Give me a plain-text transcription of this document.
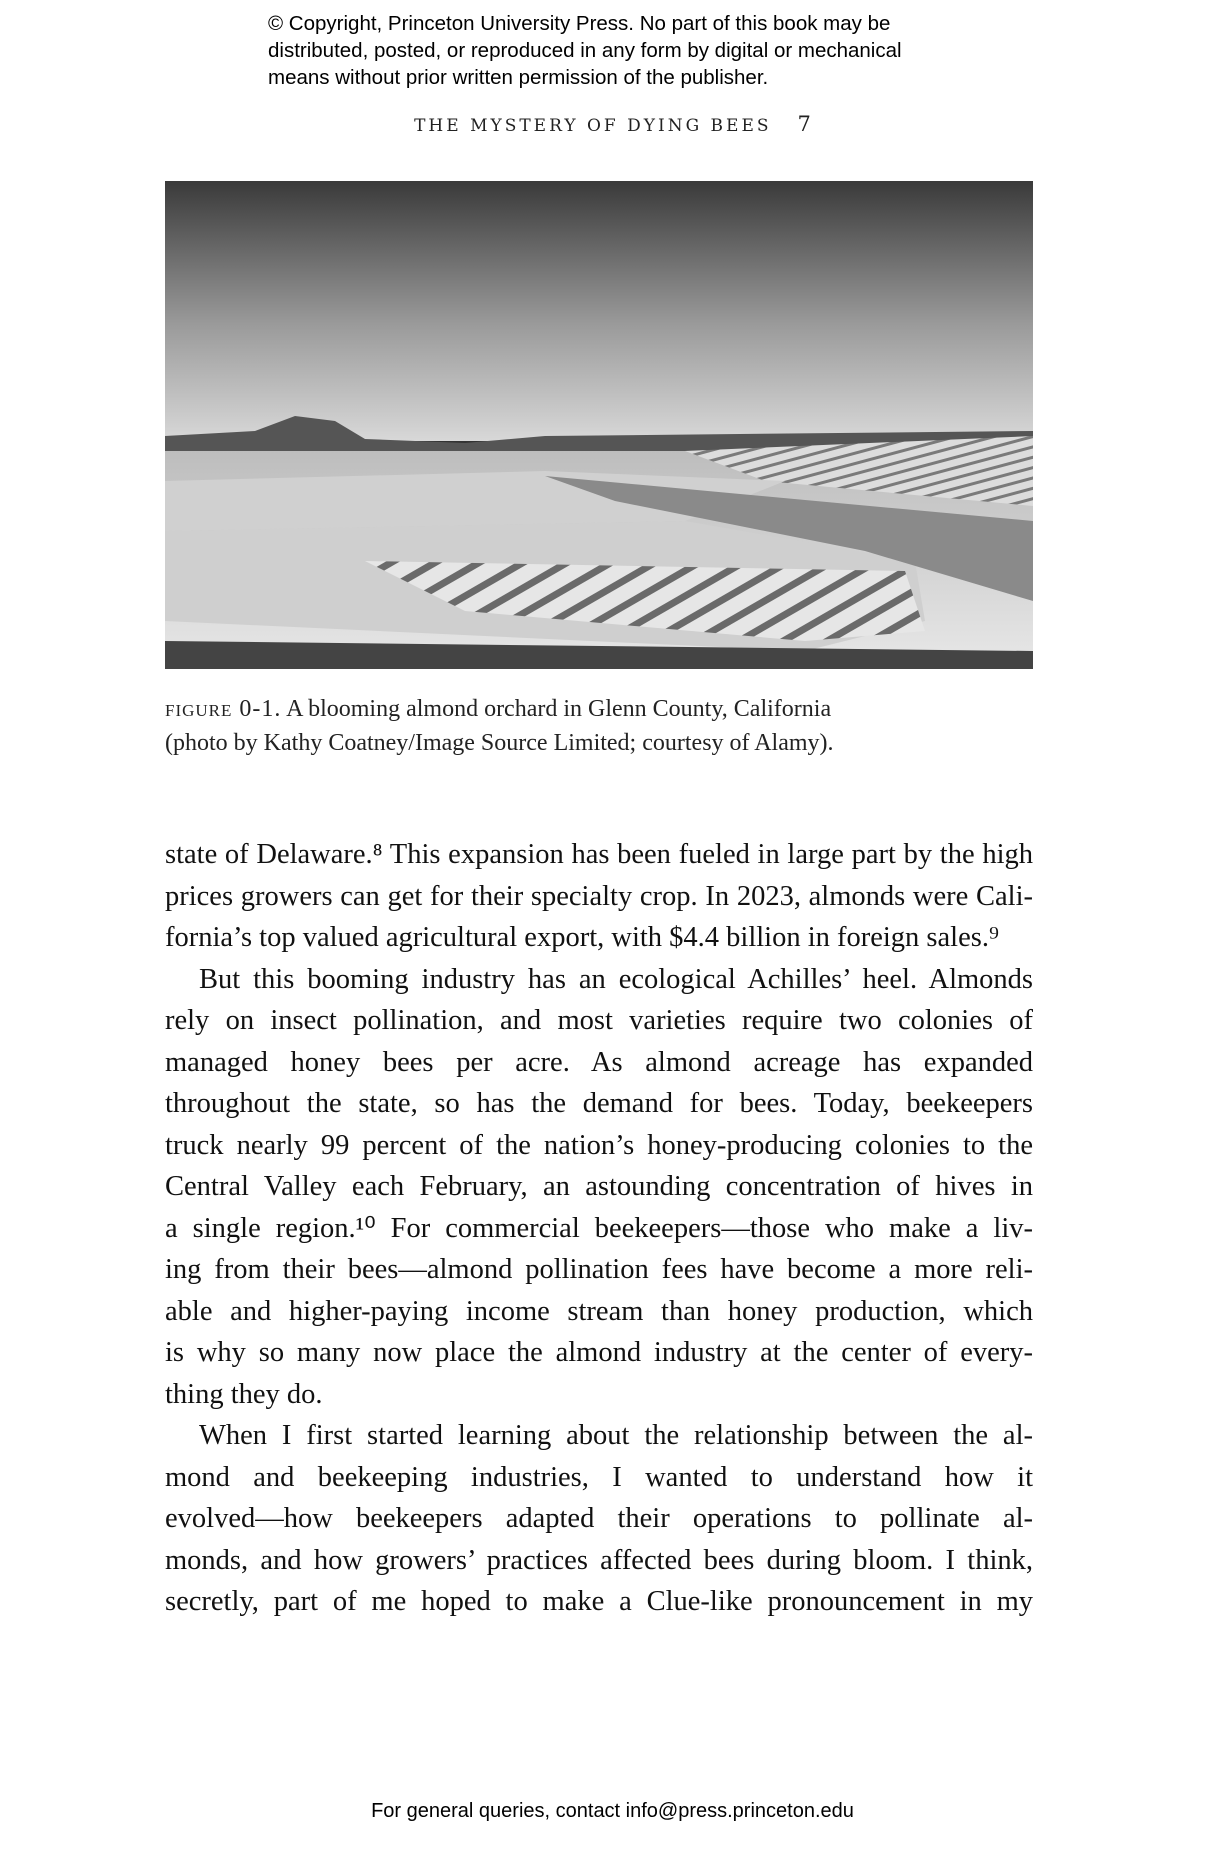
© Copyright, Princeton University Press. No part of this book may be
distributed, posted, or reproduced in any form by digital or mechanical
means without prior written permission of the publisher.
THE MYSTERY OF DYING BEES 7
figure 0-1. A blooming almond orchard in Glenn County, California
(photo by Kathy Coatney/Image Source Limited; courtesy of Alamy).
state of Delaware.⁸ This expansion has been fueled in large part by the high
prices growers can get for their specialty crop. In 2023, almonds were Cali-
fornia’s top valued agricultural export, with $4.4 billion in foreign sales.⁹
But this booming industry has an ecological Achilles’ heel. Almonds
rely on insect pollination, and most varieties require two colonies of
managed honey bees per acre. As almond acreage has expanded
throughout the state, so has the demand for bees. Today, beekeepers
truck nearly 99 percent of the nation’s honey-producing colonies to the
Central Valley each February, an astounding concentration of hives in
a single region.¹⁰ For commercial beekeepers—those who make a liv-
ing from their bees—almond pollination fees have become a more reli-
able and higher-paying income stream than honey production, which
is why so many now place the almond industry at the center of every-
thing they do.
When I first started learning about the relationship between the al-
mond and beekeeping industries, I wanted to understand how it
evolved—how beekeepers adapted their operations to pollinate al-
monds, and how growers’ practices affected bees during bloom. I think,
secretly, part of me hoped to make a Clue-like pronouncement in my
For general queries, contact info@press.princeton.edu
